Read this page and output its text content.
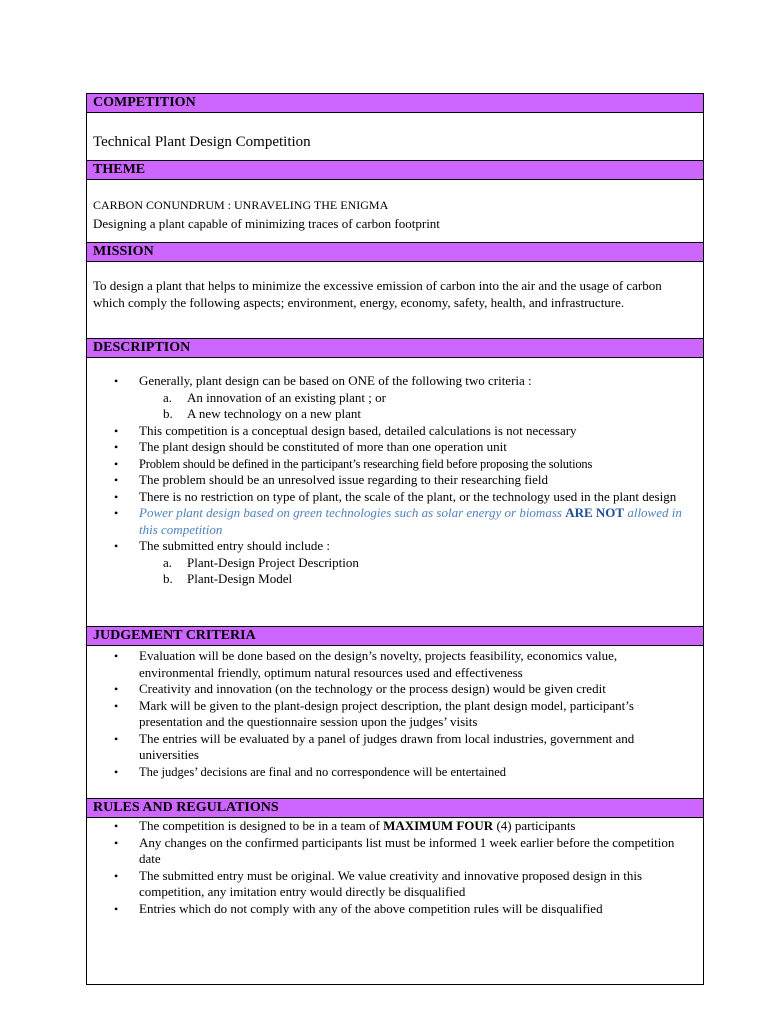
COMPETITION
Technical Plant Design Competition
THEME
CARBON CONUNDRUM : UNRAVELING THE ENIGMA
Designing a plant capable of minimizing traces of carbon footprint
MISSION
To design a plant that helps to minimize the excessive emission of carbon into the air and the usage of carbon which comply the following aspects; environment, energy, economy, safety, health, and infrastructure.
DESCRIPTION
• Generally, plant design can be based on ONE of the following two criteria :
a. An innovation of an existing plant ; or
b. A new technology on a new plant
• This competition is a conceptual design based, detailed calculations is not necessary
• The plant design should be constituted of more than one operation unit
• Problem should be defined in the participant’s researching field before proposing the solutions
• The problem should be an unresolved issue regarding to their researching field
• There is no restriction on type of plant, the scale of the plant, or the technology used in the plant design
• Power plant design based on green technologies such as solar energy or biomass ARE NOT allowed in this competition
• The submitted entry should include :
a. Plant-Design Project Description
b. Plant-Design Model
JUDGEMENT CRITERIA
• Evaluation will be done based on the design’s novelty, projects feasibility, economics value, environmental friendly, optimum natural resources used and effectiveness
• Creativity and innovation (on the technology or the process design) would be given credit
• Mark will be given to the plant-design project description, the plant design model, participant’s presentation and the questionnaire session upon the judges’ visits
• The entries will be evaluated by a panel of judges drawn from local industries, government and universities
• The judges’ decisions are final and no correspondence will be entertained
RULES AND REGULATIONS
• The competition is designed to be in a team of MAXIMUM FOUR (4) participants
• Any changes on the confirmed participants list must be informed 1 week earlier before the competition date
• The submitted entry must be original. We value creativity and innovative proposed design in this competition, any imitation entry would directly be disqualified
• Entries which do not comply with any of the above competition rules will be disqualified
